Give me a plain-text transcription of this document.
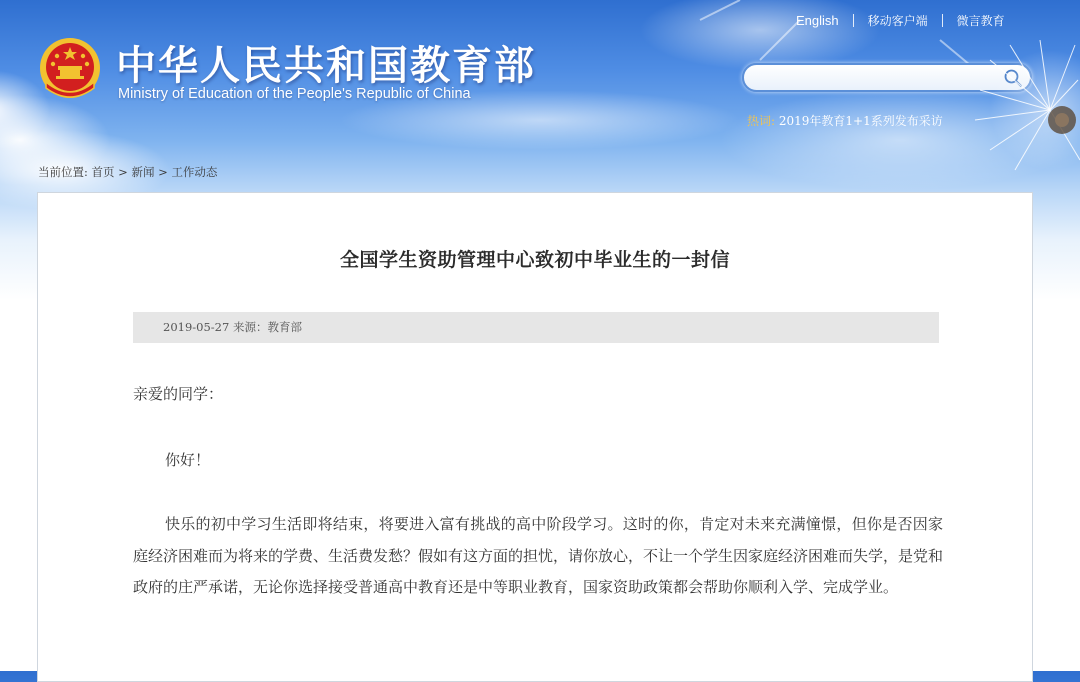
中华人民共和国教育部
Ministry of Education of the People's Republic of China
English 移动客户端 微言教育
热词: 2019年教育1+1系列发布采访
当前位置: 首页 > 新闻 > 工作动态
全国学生资助管理中心致初中毕业生的一封信
2019-05-27 来源：教育部
亲爱的同学：
你好！
快乐的初中学习生活即将结束，将要进入富有挑战的高中阶段学习。这时的你，肯定对未来充满憧憬，但你是否因家庭经济困难而为将来的学费、生活费发愁？假如有这方面的担忧，请你放心，不让一个学生因家庭经济困难而失学，是党和政府的庄严承诺，无论你选择接受普通高中教育还是中等职业教育，国家资助政策都会帮助你顺利入学、完成学业。
